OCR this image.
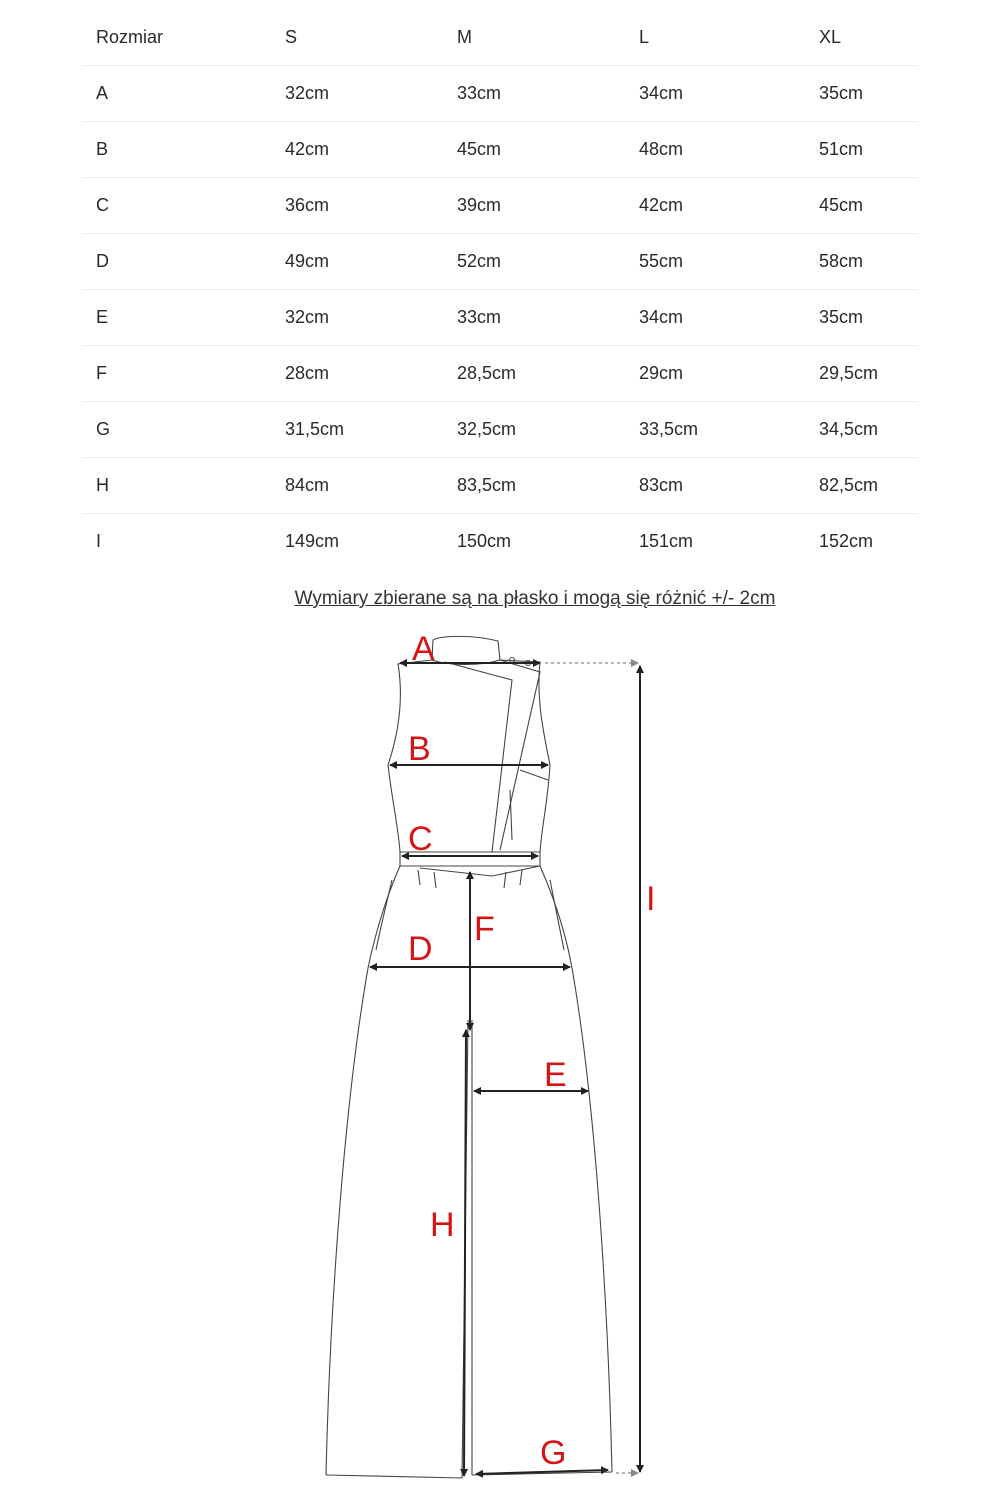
Rozmiar	S	M	L	XL
A	32cm	33cm	34cm	35cm
B	42cm	45cm	48cm	51cm
C	36cm	39cm	42cm	45cm
D	49cm	52cm	55cm	58cm
E	32cm	33cm	34cm	35cm
F	28cm	28,5cm	29cm	29,5cm
G	31,5cm	32,5cm	33,5cm	34,5cm
H	84cm	83,5cm	83cm	82,5cm
I	149cm	150cm	151cm	152cm
Wymiary zbierane są na płasko i mogą się różnić +/- 2cm
A
B
C
D
E
F
G
H
I
